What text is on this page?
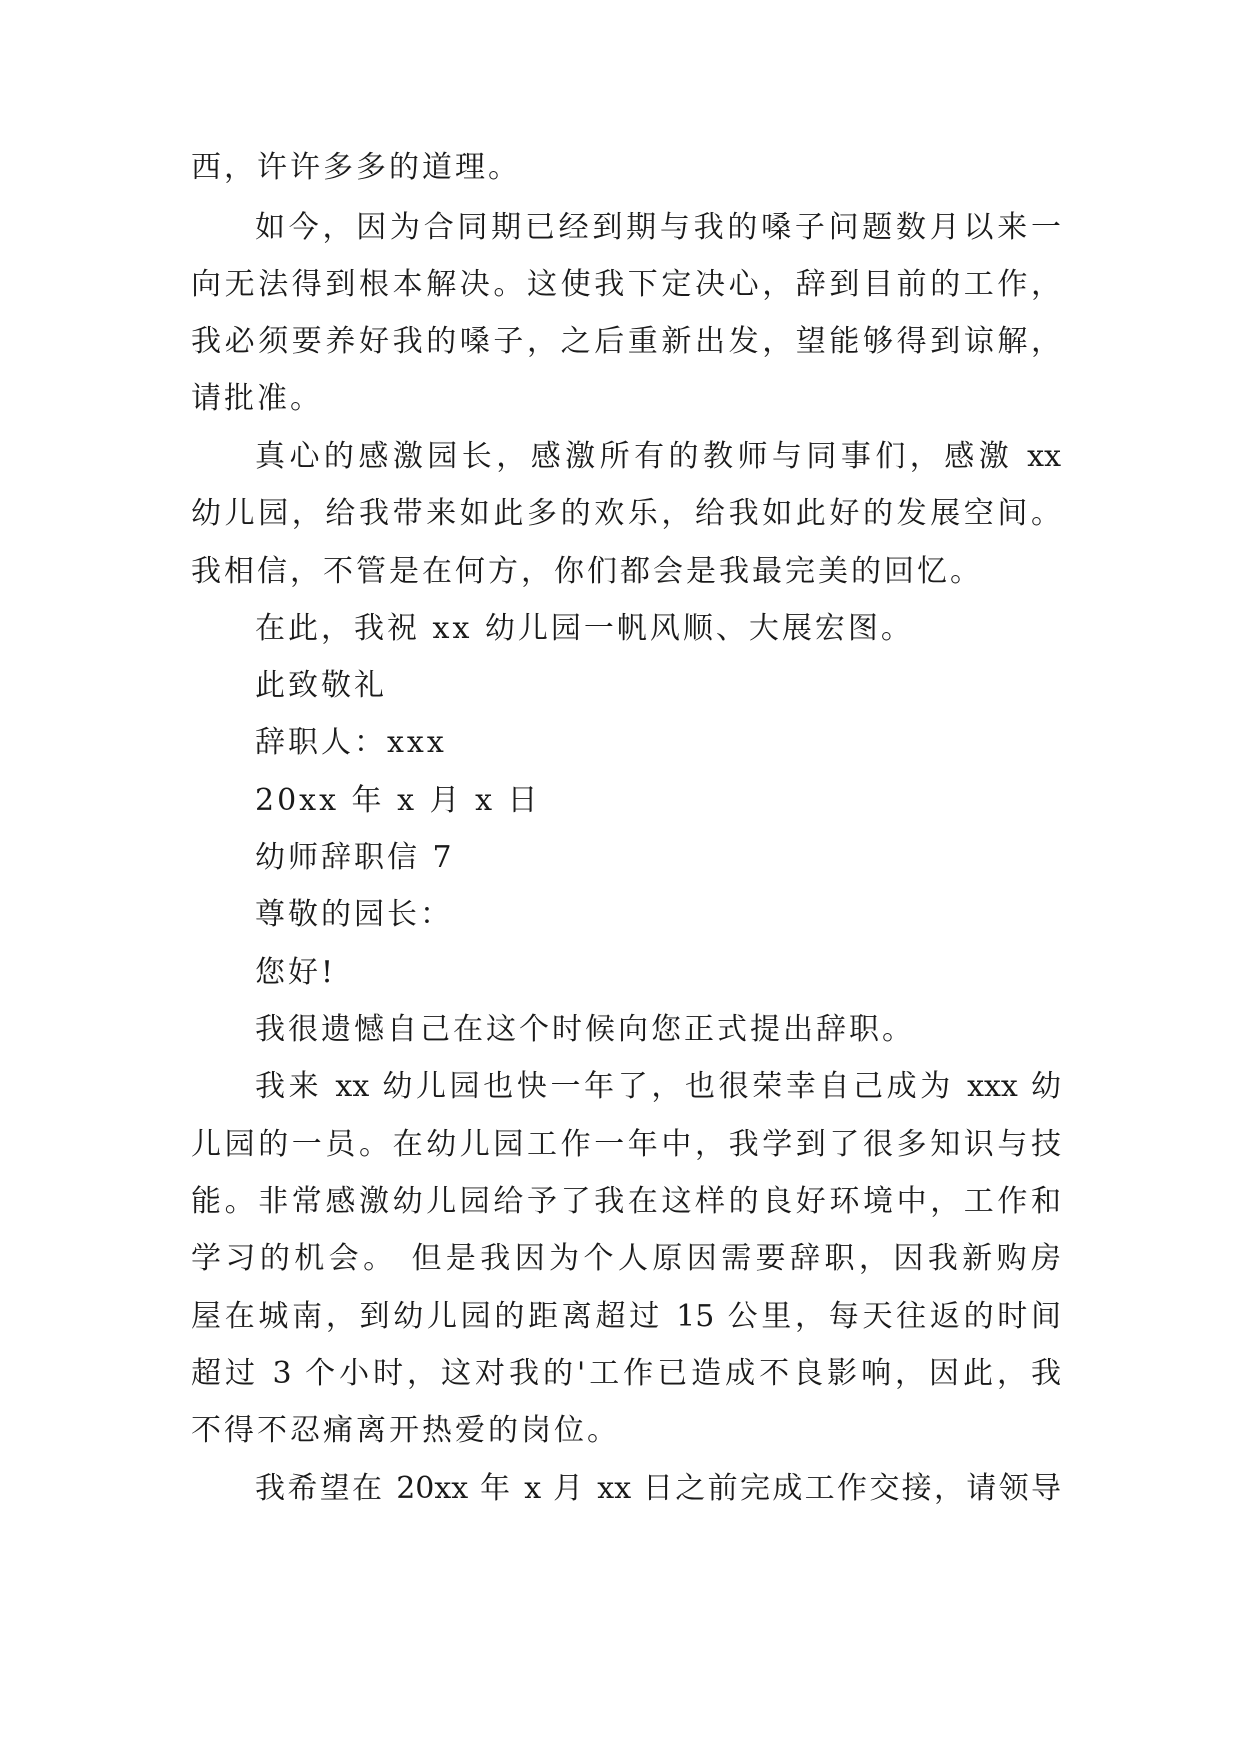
西，许许多多的道理。
如今，因为合同期已经到期与我的嗓子问题数月以来一
向无法得到根本解决。这使我下定决心，辞到目前的工作，
我必须要养好我的嗓子，之后重新出发，望能够得到谅解，
请批准。
真心的感激园长，感激所有的教师与同事们，感激 xx
幼儿园，给我带来如此多的欢乐，给我如此好的发展空间。
我相信，不管是在何方，你们都会是我最完美的回忆。
在此，我祝 xx 幼儿园一帆风顺、大展宏图。
此致敬礼
辞职人：xxx
20xx 年 x 月 x 日
幼师辞职信 7
尊敬的园长：
您好!
我很遗憾自己在这个时候向您正式提出辞职。
我来 xx 幼儿园也快一年了，也很荣幸自己成为 xxx 幼
儿园的一员。在幼儿园工作一年中，我学到了很多知识与技
能。非常感激幼儿园给予了我在这样的良好环境中，工作和
学习的机会。 但是我因为个人原因需要辞职，因我新购房
屋在城南，到幼儿园的距离超过 15 公里，每天往返的时间
超过 3 个小时，这对我的'工作已造成不良影响，因此，我
不得不忍痛离开热爱的岗位。
我希望在 20xx 年 x 月 xx 日之前完成工作交接，请领导
